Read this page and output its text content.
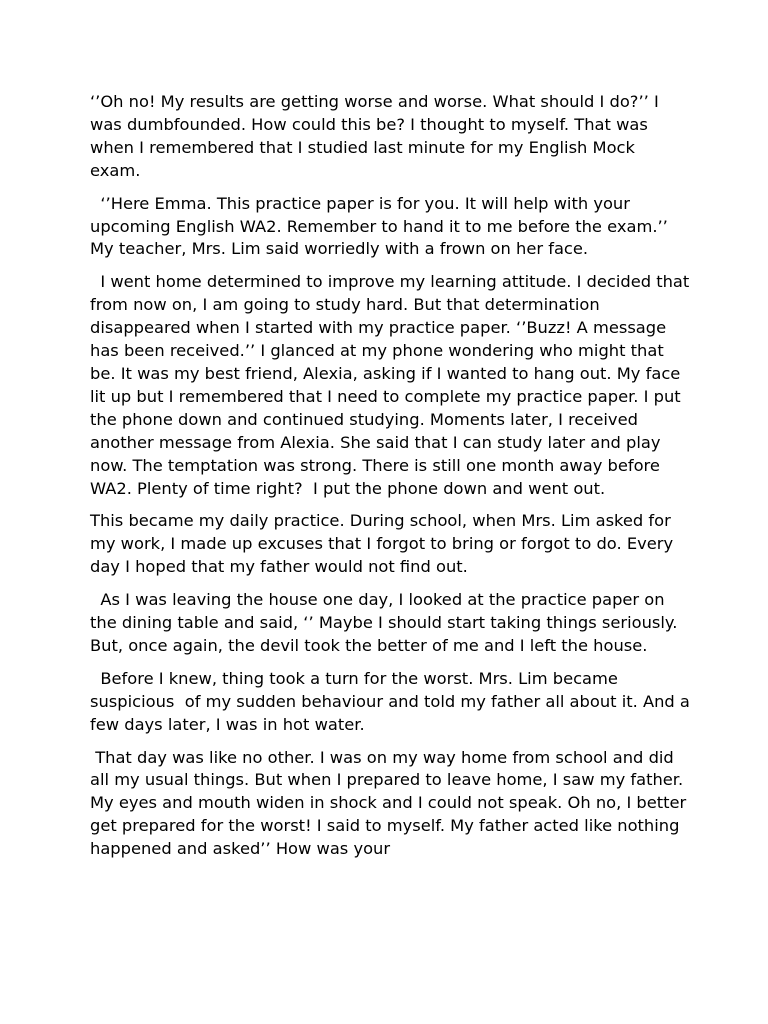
‘’Oh no! My results are getting worse and worse. What should I do?’’ I was dumbfounded. How could this be? I thought to myself. That was when I remembered that I studied last minute for my English Mock exam.

‘’Here Emma. This practice paper is for you. It will help with your upcoming English WA2. Remember to hand it to me before the exam.’’ My teacher, Mrs. Lim said worriedly with a frown on her face.

I went home determined to improve my learning attitude. I decided that from now on, I am going to study hard. But that determination disappeared when I started with my practice paper. ‘’Buzz! A message has been received.’’ I glanced at my phone wondering who might that be. It was my best friend, Alexia, asking if I wanted to hang out. My face lit up but I remembered that I need to complete my practice paper. I put the phone down and continued studying. Moments later, I received another message from Alexia. She said that I can study later and play now. The temptation was strong. There is still one month away before WA2. Plenty of time right?  I put the phone down and went out.

This became my daily practice. During school, when Mrs. Lim asked for my work, I made up excuses that I forgot to bring or forgot to do. Every day I hoped that my father would not find out.

As I was leaving the house one day, I looked at the practice paper on the dining table and said, ‘’ Maybe I should start taking things seriously. But, once again, the devil took the better of me and I left the house.

Before I knew, thing took a turn for the worst. Mrs. Lim became suspicious  of my sudden behaviour and told my father all about it. And a few days later, I was in hot water.

That day was like no other. I was on my way home from school and did all my usual things. But when I prepared to leave home, I saw my father. My eyes and mouth widen in shock and I could not speak. Oh no, I better get prepared for the worst! I said to myself. My father acted like nothing happened and asked’’ How was your
